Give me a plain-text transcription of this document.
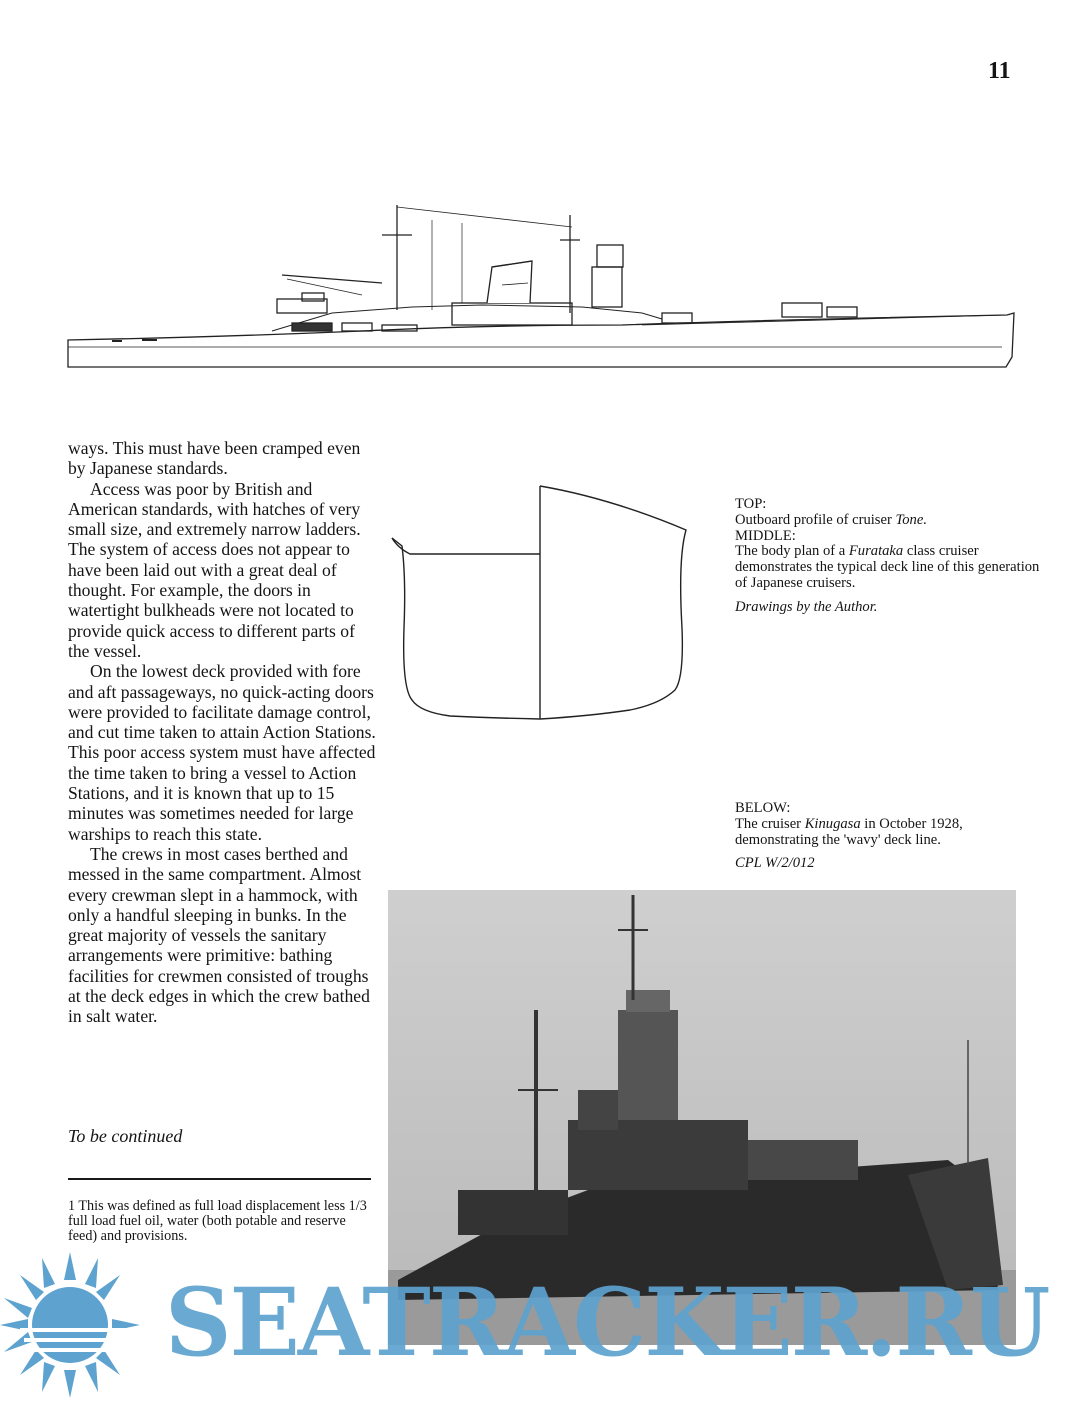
11

ways. This must have been cramped even by Japanese standards.

Access was poor by British and American standards, with hatches of very small size, and extremely narrow ladders. The system of access does not appear to have been laid out with a great deal of thought. For example, the doors in watertight bulkheads were not located to provide quick access to different parts of the vessel.

On the lowest deck provided with fore and aft passageways, no quick-acting doors were provided to facilitate damage control, and cut time taken to attain Action Stations. This poor access system must have affected the time taken to bring a vessel to Action Stations, and it is known that up to 15 minutes was sometimes needed for large warships to reach this state.

The crews in most cases berthed and messed in the same compartment. Almost every crewman slept in a hammock, with only a handful sleeping in bunks. In the great majority of vessels the sanitary arrangements were primitive: bathing facilities for crewmen consisted of troughs at the deck edges in which the crew bathed in salt water.

To be continued
1 This was defined as full load displacement less 1/3 full load fuel oil, water (both potable and reserve feed) and provisions.
TOP:
Outboard profile of cruiser Tone.
MIDDLE:
The body plan of a Furataka class cruiser demonstrates the typical deck line of this generation of Japanese cruisers.
Drawings by the Author.
BELOW:
The cruiser Kinugasa in October 1928, demonstrating the 'wavy' deck line.
CPL W/2/012
SEATRACKER.RU
